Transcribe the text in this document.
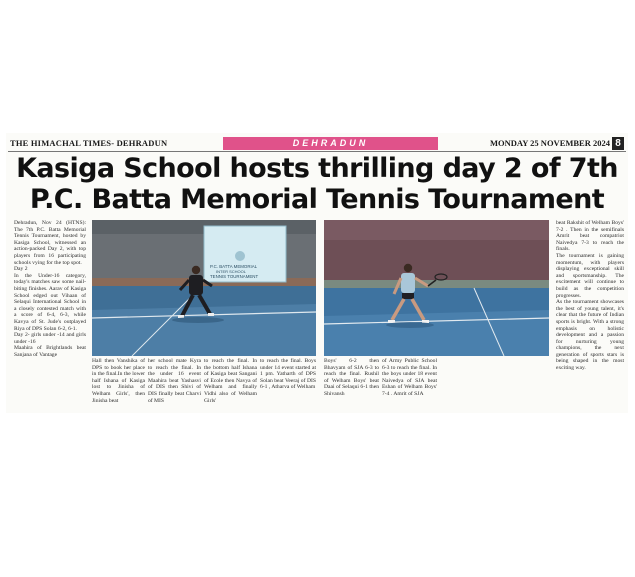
THE HIMACHAL TIMES- DEHRADUN	DEHRADUN	MONDAY 25 NOVEMBER 2024 8
Kasiga School hosts thrilling day 2 of 7th
P.C. Batta Memorial Tennis Tournament

Dehradun, Nov 24 (HTNS): The 7th P.C. Batta Memorial Tennis Tournament, hosted by Kasiga School, witnessed an action-packed Day 2, with top players from 16 participating schools vying for the top spot.

Day 2

In the Under-16 category, today's matches saw some nail-biting finishes. Aarav of Kasiga School edged out Vihaan of Selaqui International School in a closely contested match with a score of 6-4, 6-3, while Kavya of St. Jude's outplayed Riya of DPS Solan 6-2, 6-1.

Day 2- girls under -14 and girls under -16

Maahira of Brightlands beat Sanjana of Vantage

P.C. BATTA MEMORIAL
INTER SCHOOL
TENNIS TOURNAMENT
Hall then Vanshika of DPS to book her place in the final.In the lower half Ishana of Kasiga lost to Jinisha of Welham Girls', then Jinisha beat
her school mate Kyra to reach the final. In the under 16 event Maahira beat Yashasvi of DIS then Shivi of DIS finally beat Charvi of MIS
to reach the final. In the bottom half Ishana of Kasiga beat Sangani of Ecole then Navya of Welham and finally Vidhi also of Welham Girls'
to reach the final. Boys under 14 event started at 1 pm. Yatharth of DPS Solan beat Veeraj of DIS 6-1 , Atharva of Welham
Boys' 6-2 then Bhavyam of SJA 6-3 to reach the final. Rushil of Welham Boys' beat Daai of Selaqui 6-1 then Shivansh
of Army Public School 6-3 to reach the final. In the boys under 18 event Naivedya of SJA beat Eshan of Welham Boys' 7-4 . Amrit of SJA

beat Rakshit of Welham Boys' 7-2 . Then in the semifinals Amrit beat compatriot Naivedya 7-3 to reach the finals.

The tournament is gaining momentum, with players displaying exceptional skill and sportsmanship. The excitement will continue to build as the competition progresses.

As the tournament showcases the best of young talent, it's clear that the future of Indian sports is bright. With a strong emphasis on holistic development and a passion for nurturing young champions, the next generation of sports stars is being shaped in the most exciting way.
